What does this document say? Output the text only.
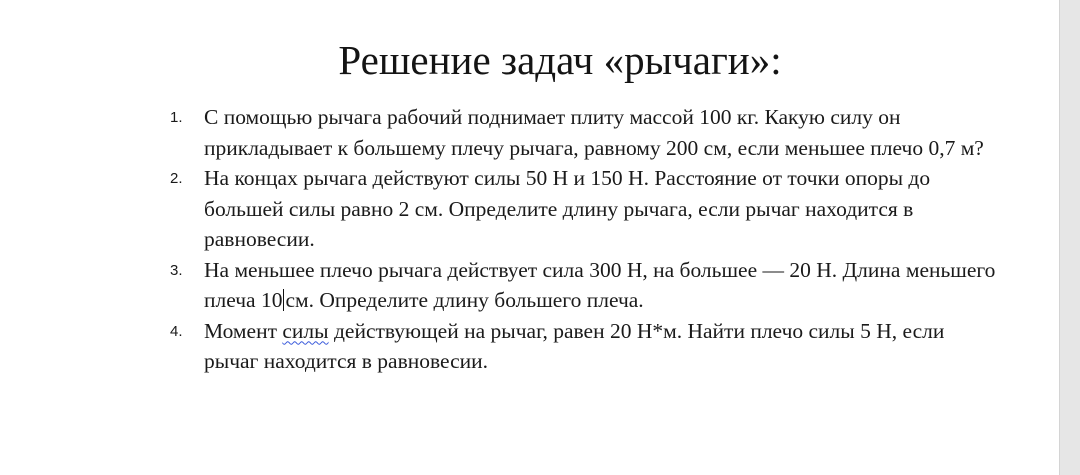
Решение задач «рычаги»:
1. С помощью рычага рабочий поднимает плиту массой 100 кг. Какую силу он прикладывает к большему плечу рычага, равному 200 см, если меньшее плечо 0,7 м?
2. На концах рычага действуют силы 50 Н и 150 Н. Расстояние от точки опоры до большей силы равно 2 см. Определите длину рычага, если рычаг находится в равновесии.
3. На меньшее плечо рычага действует сила 300 Н, на большее — 20 Н. Длина меньшего плеча 10 см. Определите длину большего плеча.
4. Момент силы действующей на рычаг, равен 20 Н*м. Найти плечо силы 5 Н, если рычаг находится в равновесии.
